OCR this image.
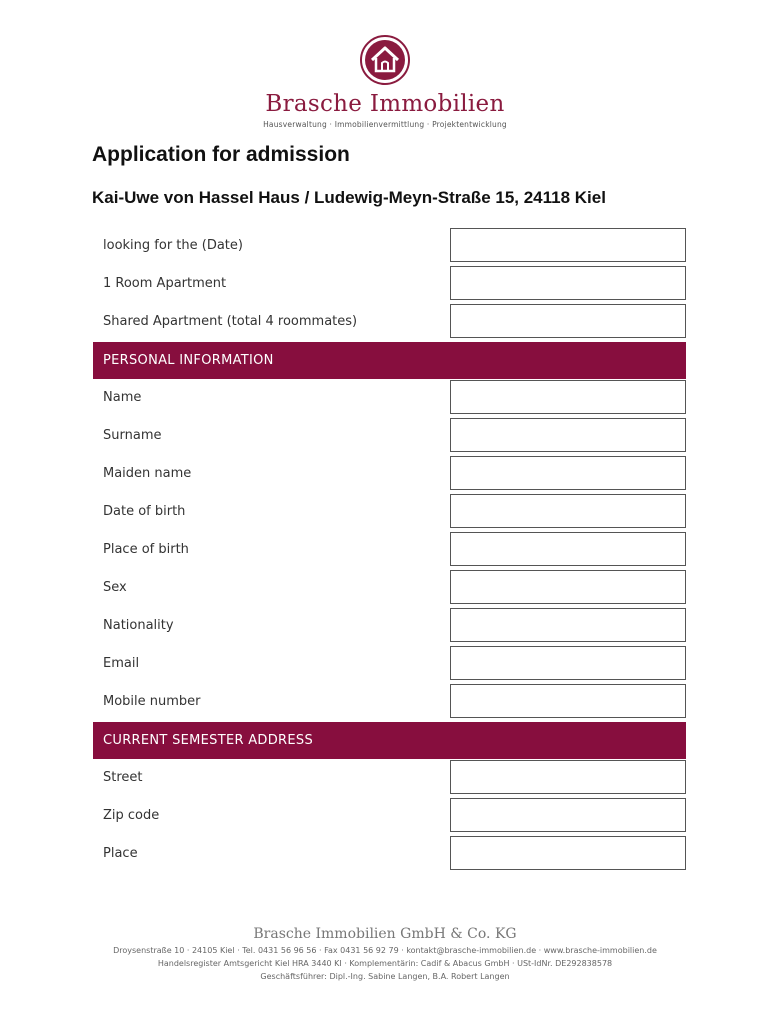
Brasche Immobilien
Hausverwaltung · Immobilienvermittlung · Projektentwicklung
Application for admission
Kai-Uwe von Hassel Haus / Ludewig-Meyn-Straße 15, 24118 Kiel
looking for the (Date)
1 Room Apartment
Shared Apartment (total 4 roommates)
PERSONAL INFORMATION
Name
Surname
Maiden name
Date of birth
Place of birth
Sex
Nationality
Email
Mobile number
CURRENT SEMESTER ADDRESS
Street
Zip code
Place
Brasche Immobilien GmbH & Co. KG
Droysenstraße 10 · 24105 Kiel · Tel. 0431 56 96 56 · Fax 0431 56 92 79 · kontakt@brasche-immobilien.de · www.brasche-immobilien.de
Handelsregister Amtsgericht Kiel HRA 3440 KI · Komplementärin: Cadif & Abacus GmbH · USt-IdNr. DE292838578
Geschäftsführer: Dipl.-Ing. Sabine Langen, B.A. Robert Langen
